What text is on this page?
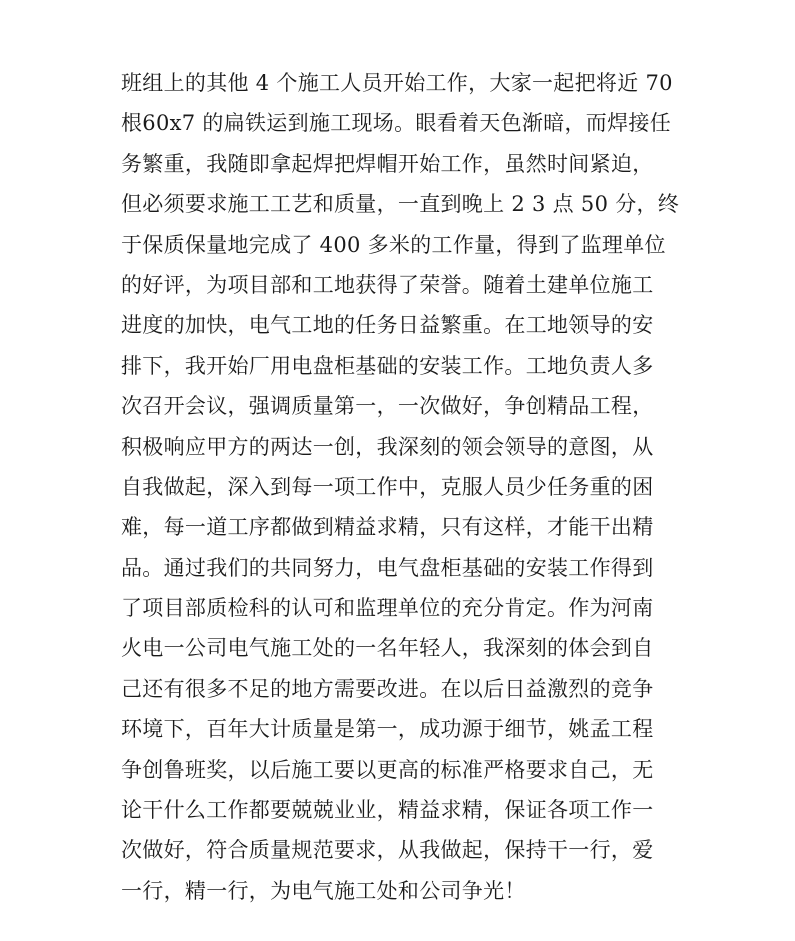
班组上的其他 4 个施工人员开始工作，大家一起把将近 70
根60x7 的扁铁运到施工现场。眼看着天色渐暗，而焊接任
务繁重，我随即拿起焊把焊帽开始工作，虽然时间紧迫，
但必须要求施工工艺和质量，一直到晚上 2 3 点 50 分，终
于保质保量地完成了 400 多米的工作量，得到了监理单位
的好评，为项目部和工地获得了荣誉。随着土建单位施工
进度的加快，电气工地的任务日益繁重。在工地领导的安
排下，我开始厂用电盘柜基础的安装工作。工地负责人多
次召开会议，强调质量第一，一次做好，争创精品工程，
积极响应甲方的两达一创，我深刻的领会领导的意图，从
自我做起，深入到每一项工作中，克服人员少任务重的困
难，每一道工序都做到精益求精，只有这样，才能干出精
品。通过我们的共同努力，电气盘柜基础的安装工作得到
了项目部质检科的认可和监理单位的充分肯定。作为河南
火电一公司电气施工处的一名年轻人，我深刻的体会到自
己还有很多不足的地方需要改进。在以后日益激烈的竞争
环境下，百年大计质量是第一，成功源于细节，姚孟工程
争创鲁班奖，以后施工要以更高的标准严格要求自己，无
论干什么工作都要兢兢业业，精益求精，保证各项工作一
次做好，符合质量规范要求，从我做起，保持干一行，爱
一行，精一行，为电气施工处和公司争光！
